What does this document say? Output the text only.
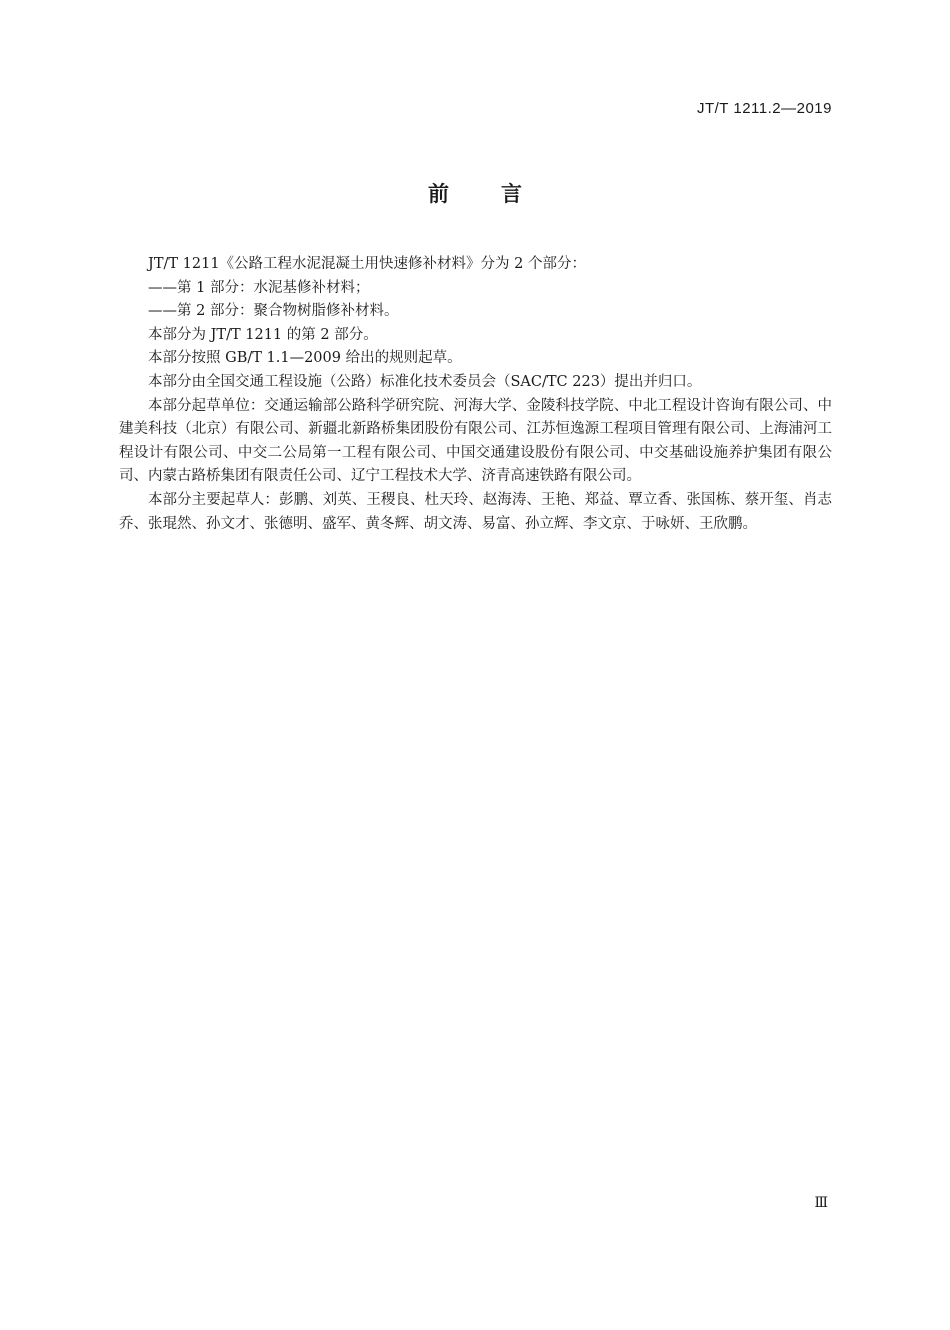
JT/T 1211.2—2019
前言

JT/T 1211《公路工程水泥混凝土用快速修补材料》分为 2 个部分：

——第 1 部分：水泥基修补材料；

——第 2 部分：聚合物树脂修补材料。

本部分为 JT/T 1211 的第 2 部分。

本部分按照 GB/T 1.1—2009 给出的规则起草。

本部分由全国交通工程设施（公路）标准化技术委员会（SAC/TC 223）提出并归口。

本部分起草单位：交通运输部公路科学研究院、河海大学、金陵科技学院、中北工程设计咨询有限公司、中建美科技（北京）有限公司、新疆北新路桥集团股份有限公司、江苏恒逸源工程项目管理有限公司、上海浦河工程设计有限公司、中交二公局第一工程有限公司、中国交通建设股份有限公司、中交基础设施养护集团有限公司、内蒙古路桥集团有限责任公司、辽宁工程技术大学、济青高速铁路有限公司。

本部分主要起草人：彭鹏、刘英、王稷良、杜天玲、赵海涛、王艳、郑益、覃立香、张国栋、蔡开玺、肖志乔、张琨然、孙文才、张德明、盛军、黄冬辉、胡文涛、易富、孙立辉、李文京、于咏妍、王欣鹏。

Ⅲ
